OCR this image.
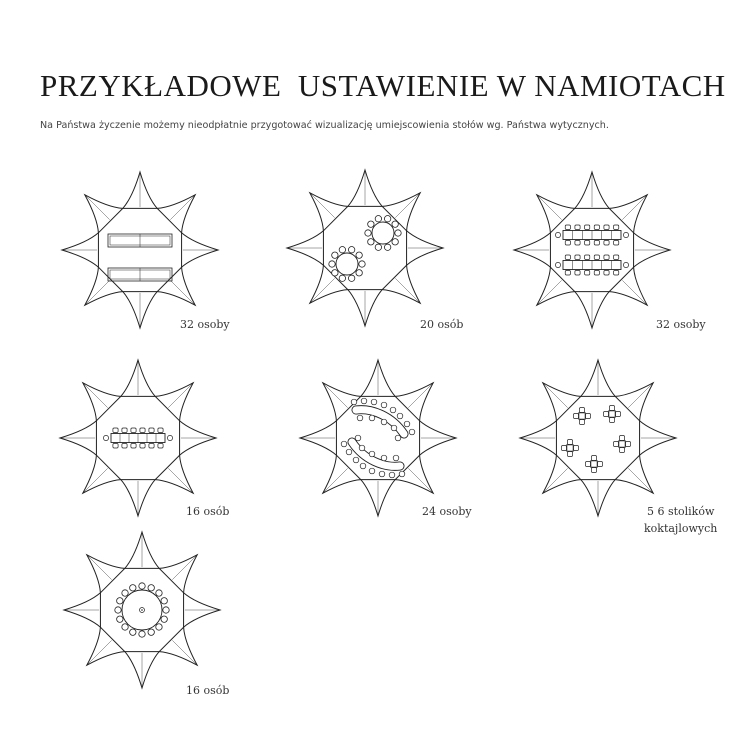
PRZYKŁADOWE  USTAWIENIE W NAMIOTACH
Na Państwa życzenie możemy nieodpłatnie przygotować wizualizację umiejscowienia stołów wg. Państwa wytycznych.
32 osoby	20 osób	32 osoby
16 osób	24 osoby	5 6 stolików
koktajlowych
16 osób
